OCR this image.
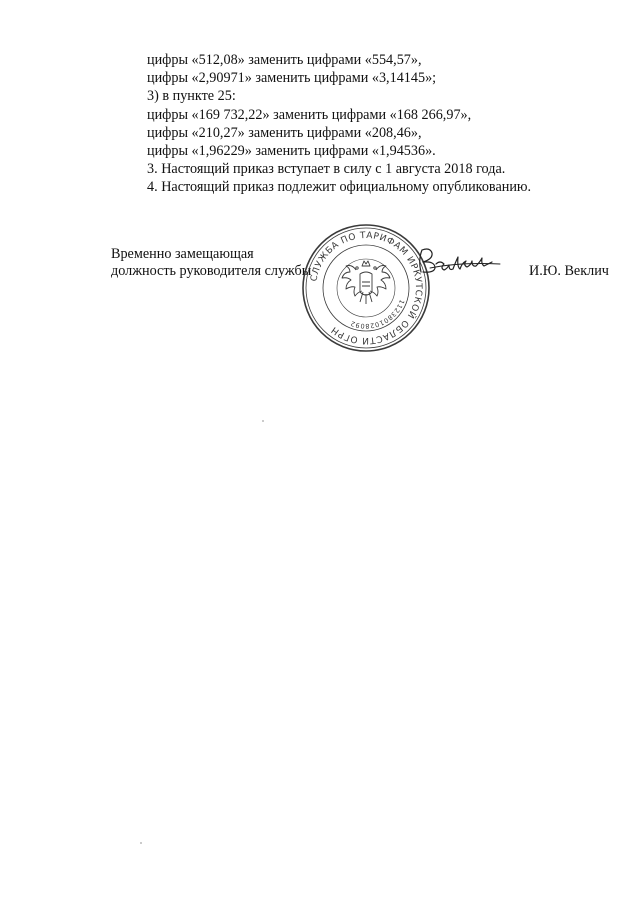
цифры «512,08» заменить цифрами «554,57»,
цифры «2,90971» заменить цифрами «3,14145»;
3) в пункте 25:
цифры «169 732,22» заменить цифрами «168 266,97»,
цифры «210,27» заменить цифрами «208,46»,
цифры «1,96229» заменить цифрами «1,94536».
3. Настоящий приказ вступает в силу с 1 августа 2018 года.
4. Настоящий приказ подлежит официальному опубликованию.
Временно замещающая
должность руководителя службы
СЛУЖБА ПО ТАРИФАМ ИРКУТСКОЙ ОБЛАСТИ ОГРН
1123801028092
И.Ю. Веклич
